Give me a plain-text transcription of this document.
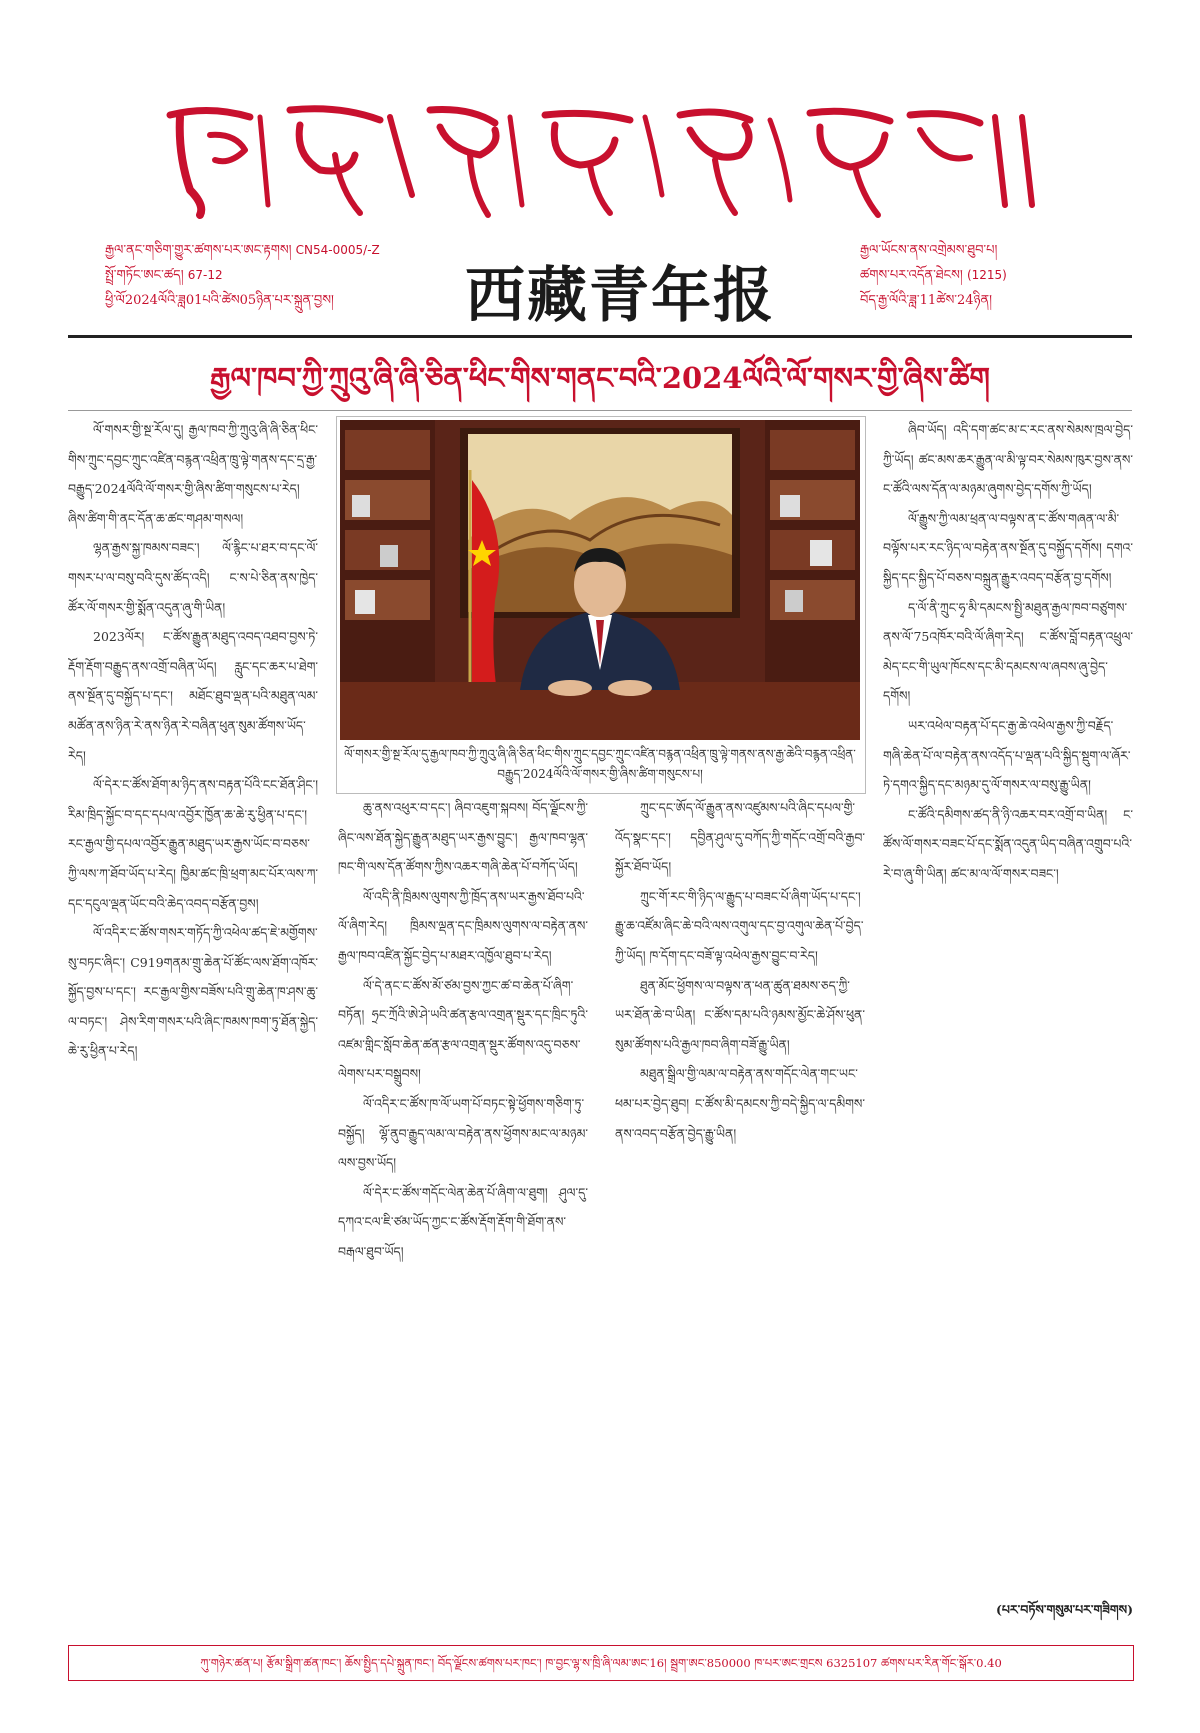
རྒྱལ་ནང་གཅིག་གྱུར་ཚགས་པར་ཨང་རྟགས། CN54-0005/-Z
སྤྲོ་གཏོང་ཨང་ཚད། 67-12
ཕྱི་ལོ2024ལོའི་ཟླ01པའི་ཚེས05ཉིན་པར་སྐྲུན་བྱས།	西藏青年报
རྒྱལ་ཡོངས་ནས་འགྲེམས་ཐུབ་པ།
ཚགས་པར་འདོན་ཐེངས། (1215)
བོད་རྒྱ་ལོའི་ཟླ་11ཚེས་24ཉིན།
རྒྱལ་ཁབ་ཀྱི་ཀྲུའུ་ཞི་ཞི་ཅིན་ཕིང་གིས་གནང་བའི་2024ལོའི་ལོ་གསར་གྱི་ཞིས་ཚིག

ལོ་གསར་གྱི་སྔ་རོལ་དུ། རྒྱལ་ཁབ་ཀྱི་ཀྲུའུ་ཞི་ཞི་ཅིན་ཕིང་གིས་ཀྲུང་དབྱང་ཀྲུང་འཛིན་བརྙན་འཕྲིན་ཁྲུ་ལྟེ་གནས་དང་དྲ་རྒྱ་བརྒྱུད་2024ལོའི་ལོ་གསར་གྱི་ཞིས་ཚིག་གསུངས་པ་རེད། ཞིས་ཚིག་གི་ནང་དོན་ཆ་ཚང་གཤམ་གསལ།

ལྷན་རྒྱས་སྐྱ་ཁམས་བཟང་། ལོ་རྙིང་པ་ཐར་བ་དང་ལོ་གསར་པ་ལ་བསུ་བའི་དུས་ཚོད་འདི། ང་ས་པེ་ཅིན་ནས་ཁྱེད་ཚོར་ལོ་གསར་གྱི་སྨོན་འདུན་ཞུ་གི་ཡིན།

2023ལོར། ང་ཚོས་རྒྱུན་མཐུད་འབད་འཐབ་བྱས་ཏེ་རྡོག་རྡོག་བརྒྱུད་ནས་འགྲོ་བཞིན་ཡོད། རླུང་དང་ཆར་པ་ཐེག་ནས་སྔོན་དུ་བསྐྱོད་པ་དང་། མཐོང་ཐུབ་ལྡན་པའི་མཐུན་ལམ་མཚོན་ནས་ཉིན་རེ་ནས་ཉིན་རེ་བཞིན་ཕུན་སུམ་ཚོགས་ཡོད་རེད།

ལོ་དེར་ང་ཚོས་ཐོག་མ་ཉིད་ནས་བརྟན་པོའི་ངང་ཐོན་ཤིང་། རིམ་ཁྲིད་སྐྱོང་བ་དང་དཔལ་འབྱོར་ཁྱོན་ཆ་ཆེ་རུ་ཕྱིན་པ་དང་། རང་རྒྱལ་གྱི་དཔལ་འབྱོར་རྒྱུན་མཐུད་ཡར་རྒྱས་ཡོང་བ་བཅས་ཀྱི་ལས་ཀ་ཐོབ་ཡོད་པ་རེད། ཁྱིམ་ཚང་ཁྲི་ཕྲག་མང་པོར་ལས་ཀ་དང་དངུལ་ལྡན་ཡོང་བའི་ཆེད་འབད་བརྩོན་བྱས།

ལོ་འདིར་ང་ཚོས་གསར་གཏོད་ཀྱི་འཕེལ་ཚད་ཇེ་མགྱོགས་སུ་བཏང་ཞིང་། C919གནམ་གྲུ་ཆེན་པོ་ཚོང་ལས་ཐོག་འཁོར་སྐྱོད་བྱས་པ་དང་། རང་རྒྱལ་གྱིས་བཟོས་པའི་གྲུ་ཆེན་ཁ་ཤས་ཆུ་ལ་བཏང་། ཤེས་རིག་གསར་པའི་ཞིང་ཁམས་ཁག་ཏུ་ཐོན་སྐྱེད་ཆེ་རུ་ཕྱིན་པ་རེད།

ལོ་གསར་གྱི་སྔ་རོལ་དུ་རྒྱལ་ཁབ་ཀྱི་ཀྲུའུ་ཞི་ཞི་ཅིན་ཕིང་གིས་ཀྲུང་དབྱང་ཀྲུང་འཛིན་བརྙན་འཕྲིན་ཁྲུ་ལྟེ་གནས་ནས་རྒྱ་ཆེའི་བརྙན་འཕྲིན་བརྒྱུད་2024ལོའི་ལོ་གསར་གྱི་ཞིས་ཚིག་གསུངས་པ།

ཆུ་ནས་འཕུར་བ་དང་། ཞིབ་འཇུག་སྐབས། བོད་ལྗོངས་ཀྱི་ཞིང་ལས་ཐོན་སྐྱེད་རྒྱུན་མཐུད་ཡར་རྒྱས་བྱུང་། རྒྱལ་ཁབ་ལྷན་ཁང་གི་ལས་དོན་ཚོགས་ཀྱིས་འཆར་གཞི་ཆེན་པོ་བཀོད་ཡོད།

ལོ་འདི་ནི་ཁྲིམས་ལུགས་ཀྱི་ཁྲོད་ནས་ཡར་རྒྱས་ཐོབ་པའི་ལོ་ཞིག་རེད། ཁྲིམས་ལྡན་དང་ཁྲིམས་ལུགས་ལ་བརྟེན་ནས་རྒྱལ་ཁབ་འཛིན་སྐྱོང་བྱེད་པ་མཐར་འཁྱོལ་ཐུབ་པ་རེད།

ལོ་དེ་ནང་ང་ཚོས་མོ་ཙམ་བྱས་ཀྱང་ཚ་བ་ཆེན་པོ་ཞིག་བཏོན། ཧྲང་ཀྲོའི་ཨེ་ཤེ་ཡའི་ཚན་རྩལ་འགྲན་སྡུར་དང་ཁྲིང་ཏུའི་འཛམ་གླིང་སློབ་ཆེན་ཚན་རྩལ་འགྲན་སྡུར་ཚོགས་འདུ་བཅས་ལེགས་པར་བསྒྲུབས།

ལོ་འདིར་ང་ཚོས་ཁ་ལོ་ཡག་པོ་བཏང་སྟེ་ཕྱོགས་གཅིག་ཏུ་བསྐྱོད། ལྷོ་ནུབ་རྒྱུད་ལམ་ལ་བརྟེན་ནས་ཕྱོགས་མང་ལ་མཉམ་ལས་བྱས་ཡོད།

ལོ་དེར་ང་ཚོས་གདོང་ལེན་ཆེན་པོ་ཞིག་ལ་ཐུག། ཤུལ་དུ་དཀའ་ངལ་ཇི་ཙམ་ཡོད་ཀྱང་ང་ཚོས་རྡོག་རྡོག་གི་ཐོག་ནས་བརྒལ་ཐུབ་ཡོད།

ཀྲུང་དང་ཨོད་ལོ་རྒྱུན་ནས་འཛུམས་པའི་ཞིང་དཔལ་གྱི་འོད་སྣང་དང་། དབྱིན་ཤུལ་དུ་བཀོད་ཀྱི་གདོང་འགྲོ་བའི་རྒྱབ་སྐྱོར་ཐོབ་ཡོད།

ཀྲུང་གོ་རང་གི་ཉིད་ལ་རྒྱུད་པ་བཟང་པོ་ཞིག་ཡོད་པ་དང་། རྒྱུ་ཆ་འཛོམ་ཞིང་ཆེ་བའི་ལས་འགུལ་དང་བྱ་འགུལ་ཆེན་པོ་བྱེད་ཀྱི་ཡོད། ཁ་དོག་དང་བཟོ་ལྟ་འཕེལ་རྒྱས་བྱུང་བ་རེད།

ཐུན་མོང་ཕྱོགས་ལ་བལྟས་ན་ཕན་ཚུན་ཐམས་ཅད་ཀྱི་ཡར་ཐོན་ཆེ་བ་ཡིན། ང་ཚོས་དམ་པའི་ཉམས་མྱོང་ཆེ་ཤོས་ཕུན་སུམ་ཚོགས་པའི་རྒྱལ་ཁབ་ཞིག་བཟོ་རྒྱུ་ཡིན།

མཐུན་སྒྲིལ་གྱི་ལམ་ལ་བརྟེན་ནས་གདོང་ལེན་གང་ཡང་ཕམ་པར་བྱེད་ཐུབ། ང་ཚོས་མི་དམངས་ཀྱི་བདེ་སྐྱིད་ལ་དམིགས་ནས་འབད་བརྩོན་བྱེད་རྒྱུ་ཡིན།

ཞིབ་ཡོད། འདི་དག་ཚང་མ་ང་རང་ནས་སེམས་ཁྲལ་བྱེད་ཀྱི་ཡོད། ཚང་མས་ཆར་རྒྱུན་ལ་མི་ལྟ་བར་སེམས་ཁུར་བྱས་ནས་ང་ཚོའི་ལས་དོན་ལ་མཉམ་ཞུགས་བྱེད་དགོས་ཀྱི་ཡོད།

ལོ་རྒྱུས་ཀྱི་ལམ་ཕྲན་ལ་བལྟས་ན་ང་ཚོས་གཞན་ལ་མི་བལྟོས་པར་རང་ཉིད་ལ་བརྟེན་ནས་སྔོན་དུ་བསྐྱོད་དགོས། དགའ་སྐྱིད་དང་སྐྱིད་པོ་བཅས་བསྐྲུན་རྒྱུར་འབད་བརྩོན་བྱ་དགོས།

ད་ལོ་ནི་ཀྲུང་ཧྭ་མི་དམངས་སྤྱི་མཐུན་རྒྱལ་ཁབ་བཙུགས་ནས་ལོ་75འཁོར་བའི་ལོ་ཞིག་རེད། ང་ཚོས་བློ་བརྟན་འཕྲུལ་མེད་ངང་གི་ཡུལ་ཁོངས་དང་མི་དམངས་ལ་ཞབས་ཞུ་བྱེད་དགོས།

ཡར་འཕེལ་བརྟན་པོ་དང་རྒྱ་ཆེ་འཕེལ་རྒྱས་ཀྱི་བརྗོད་གཞི་ཆེན་པོ་ལ་བརྟེན་ནས་འདོད་པ་ལྡན་པའི་སྐྱིད་སྡུག་ལ་ཞོར་ཏེ་དགའ་སྐྱིད་དང་མཉམ་དུ་ལོ་གསར་ལ་བསུ་རྒྱུ་ཡིན།

ང་ཚོའི་དམིགས་ཚད་ནི་ཉི་འཆར་བར་འགྲོ་བ་ཡིན། ང་ཚོས་ལོ་གསར་བཟང་པོ་དང་སྨོན་འདུན་ཡིད་བཞིན་འགྲུབ་པའི་རེ་བ་ཞུ་གི་ཡིན། ཚང་མ་ལ་ལོ་གསར་བཟང་།

(པར་བཏོས་གསུམ་པར་གཟིགས)
ཀུ་གཉེར་ཚན་པ། རྩོམ་སྒྲིག་ཚན་ཁང་། ཆོས་སྤྱིད་དཔེ་སྐྲུན་ཁང་། བོད་ལྗོངས་ཚགས་པར་ཁང་། ཁ་བྱང་ལྷ་ས་ཁྲི་ཞི་ལམ་ཨང་16། སྦྲག་ཨང་850000 ཁ་པར་ཨང་གྲངས 6325107 ཚགས་པར་རིན་གོང་སྒོར་0.40
